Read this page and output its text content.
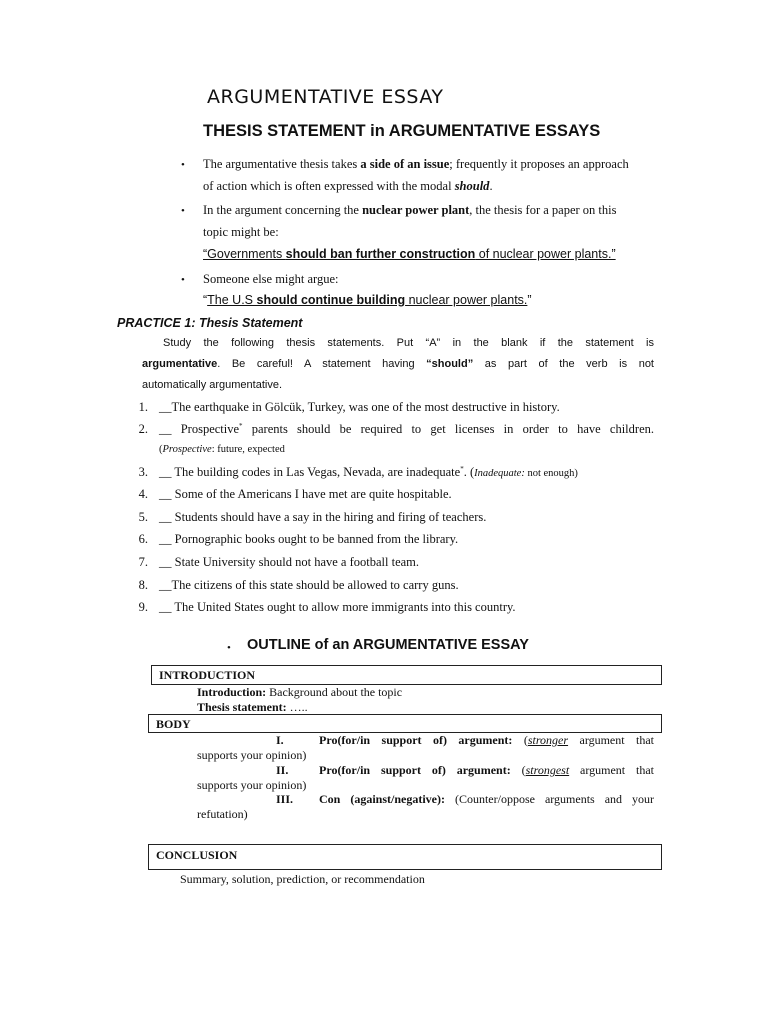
ARGUMENTATIVE ESSAY
THESIS STATEMENT in ARGUMENTATIVE ESSAYS
• The argumentative thesis takes a side of an issue; frequently it proposes an approach
of action which is often expressed with the modal should.
• In the argument concerning the nuclear power plant, the thesis for a paper on this
topic might be:
“Governments should ban further construction of nuclear power plants.”
• Someone else might argue:
“The U.S should continue building nuclear power plants.”
PRACTICE 1: Thesis Statement
Study the following thesis statements. Put “A” in the blank if the statement is
argumentative. Be careful! A statement having “should” as part of the verb is not
automatically argumentative.
1. __The earthquake in Gölcük, Turkey, was one of the most destructive in history.
2. __ Prospective* parents should be required to get licenses in order to have children.
(Prospective: future, expected
3. __ The building codes in Las Vegas, Nevada, are inadequate*. (Inadequate: not enough)
4. __ Some of the Americans I have met are quite hospitable.
5. __ Students should have a say in the hiring and firing of teachers.
6. __ Pornographic books ought to be banned from the library.
7. __ State University should not have a football team.
8. __The citizens of this state should be allowed to carry guns.
9. __ The United States ought to allow more immigrants into this country.
• OUTLINE of an ARGUMENTATIVE ESSAY
INTRODUCTION
Introduction: Background about the topic
Thesis statement: …..
BODY
I.	Pro(for/in support of) argument: (stronger argument that
supports your opinion)
II.	Pro(for/in support of) argument: (strongest argument that
supports your opinion)
III. Con (against/negative): (Counter/oppose arguments and your
refutation)
CONCLUSION
Summary, solution, prediction, or recommendation
